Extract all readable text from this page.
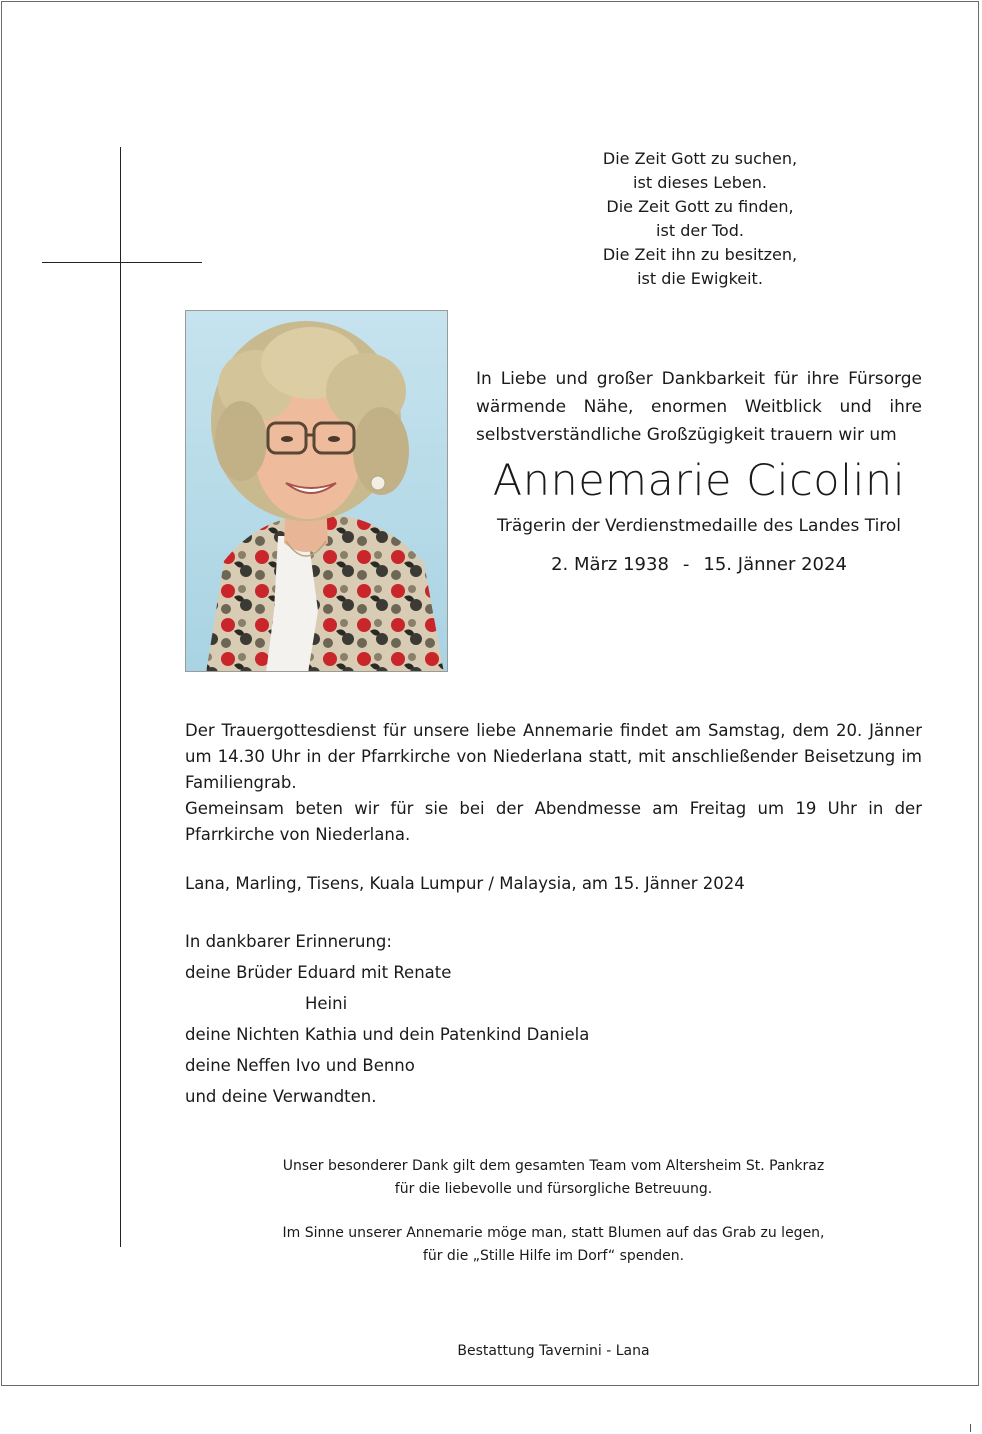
Die Zeit Gott zu suchen,
ist dieses Leben.
Die Zeit Gott zu finden,
ist der Tod.
Die Zeit ihn zu besitzen,
ist die Ewigkeit.
In Liebe und großer Dankbarkeit für ihre Fürsorge
wärmende Nähe, enormen Weitblick und ihre
selbstverständliche Großzügigkeit trauern wir um
Annemarie Cicolini
Trägerin der Verdienstmedaille des Landes Tirol
2. März 1938 - 15. Jänner 2024
Der Trauergottesdienst für unsere liebe Annemarie findet am Samstag, dem 20. Jänner
um 14.30 Uhr in der Pfarrkirche von Niederlana statt, mit anschließender Beisetzung im
Familiengrab.
Gemeinsam beten wir für sie bei der Abendmesse am Freitag um 19 Uhr in der
Pfarrkirche von Niederlana.
Lana, Marling, Tisens, Kuala Lumpur / Malaysia, am 15. Jänner 2024
In dankbarer Erinnerung:
deine Brüder Eduard mit Renate
Heini
deine Nichten Kathia und dein Patenkind Daniela
deine Neffen Ivo und Benno
und deine Verwandten.
Unser besonderer Dank gilt dem gesamten Team vom Altersheim St. Pankraz
für die liebevolle und fürsorgliche Betreuung.
Im Sinne unserer Annemarie möge man, statt Blumen auf das Grab zu legen,
für die „Stille Hilfe im Dorf“ spenden.
Bestattung Tavernini - Lana
